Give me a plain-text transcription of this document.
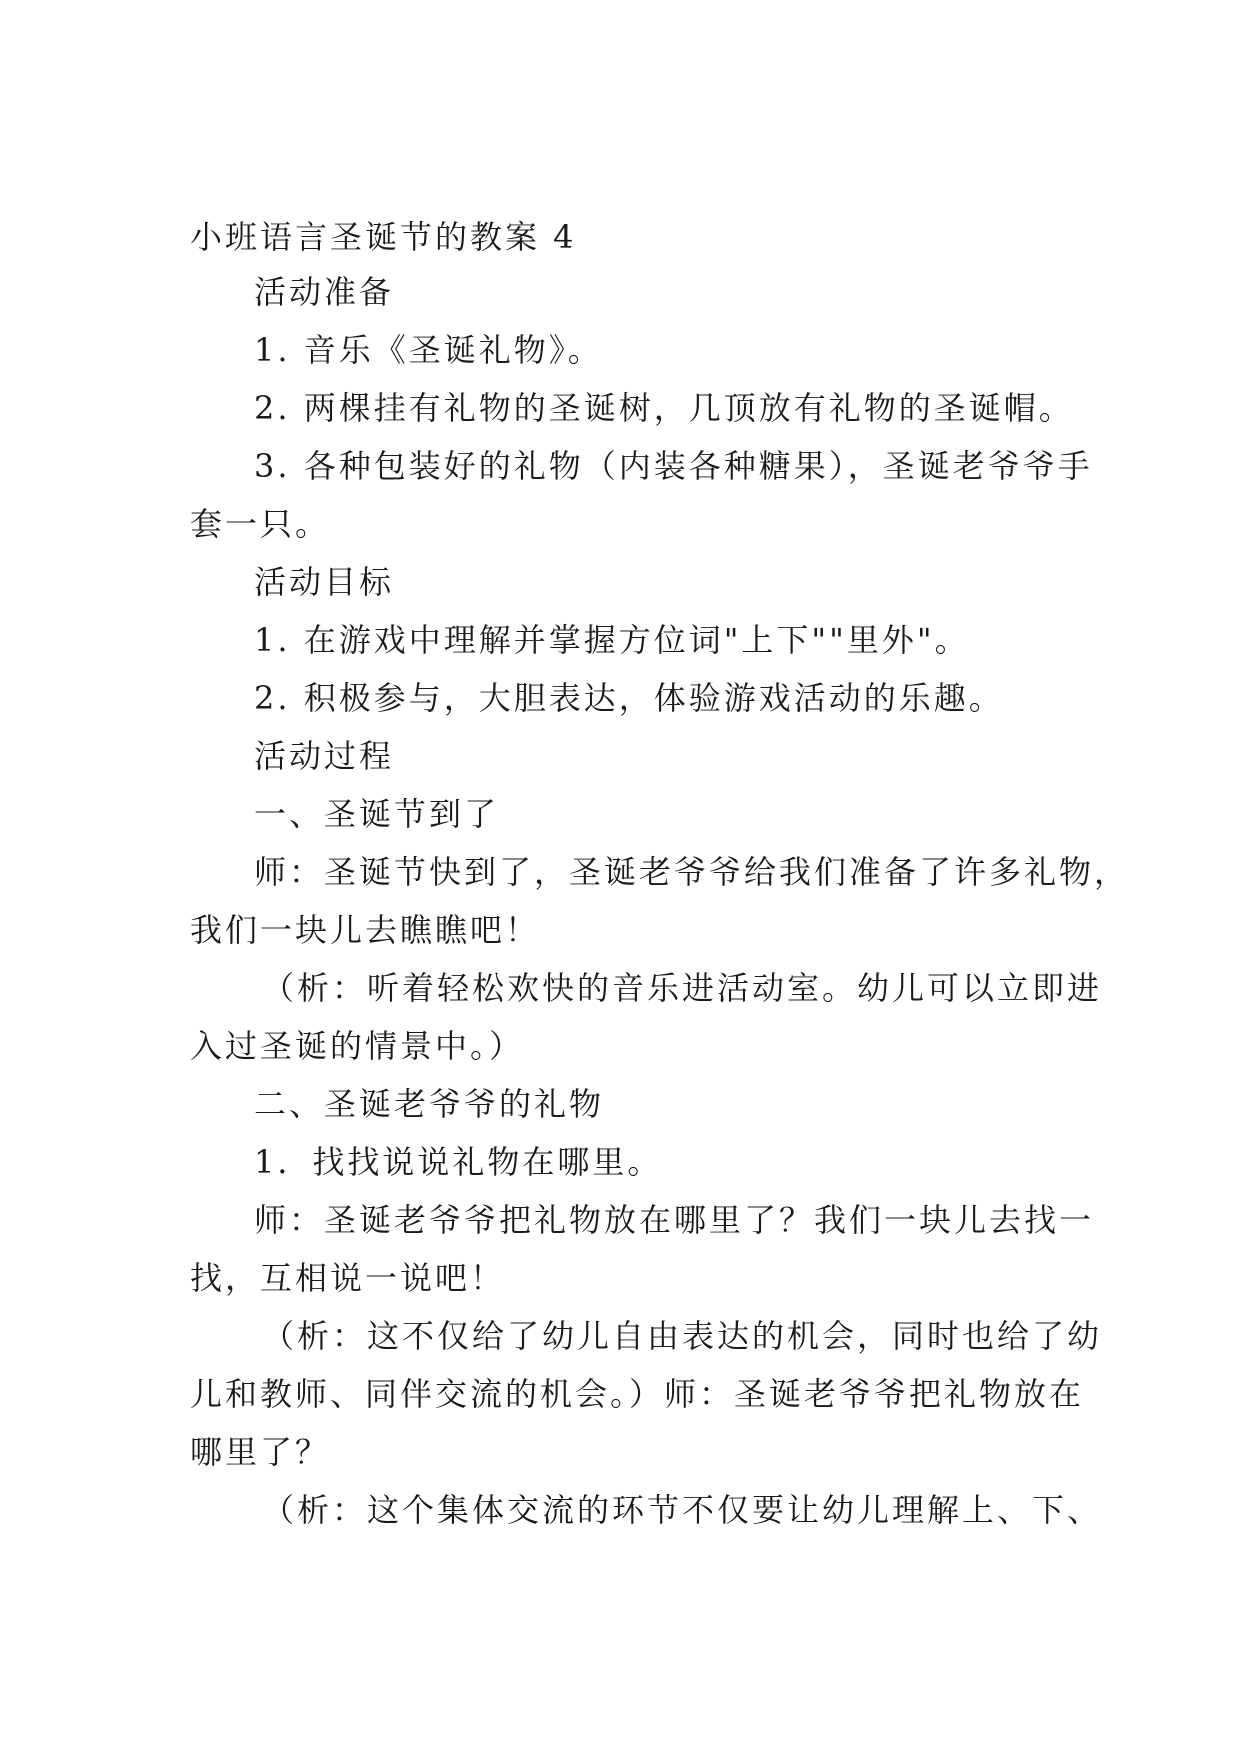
小班语言圣诞节的教案 4
活动准备
1. 音乐《圣诞礼物》。
2. 两棵挂有礼物的圣诞树，几顶放有礼物的圣诞帽。
3. 各种包装好的礼物（内装各种糖果），圣诞老爷爷手
套一只。
活动目标
1. 在游戏中理解并掌握方位词"上下""里外"。
2. 积极参与，大胆表达，体验游戏活动的乐趣。
活动过程
一、圣诞节到了
师：圣诞节快到了，圣诞老爷爷给我们准备了许多礼物，
我们一块儿去瞧瞧吧！
（析：听着轻松欢快的音乐进活动室。幼儿可以立即进
入过圣诞的情景中。）
二、圣诞老爷爷的礼物
1．找找说说礼物在哪里。
师：圣诞老爷爷把礼物放在哪里了？我们一块儿去找一
找，互相说一说吧！
（析：这不仅给了幼儿自由表达的机会，同时也给了幼
儿和教师、同伴交流的机会。）师：圣诞老爷爷把礼物放在
哪里了？
（析：这个集体交流的环节不仅要让幼儿理解上、下、
